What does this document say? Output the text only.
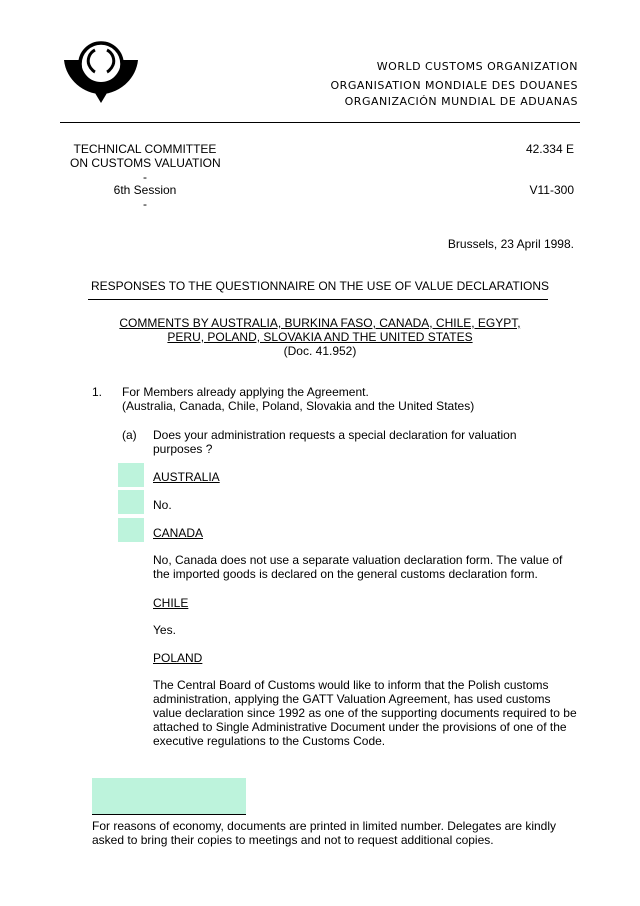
WORLD CUSTOMS ORGANIZATION
ORGANISATION MONDIALE DES DOUANES
ORGANIZACIÓN MUNDIAL DE ADUANAS
TECHNICAL COMMITTEE
ON CUSTOMS VALUATION
-
6th Session
-
42.334 E
V11-300
Brussels, 23 April 1998.
RESPONSES TO THE QUESTIONNAIRE ON THE USE OF VALUE DECLARATIONS
COMMENTS BY AUSTRALIA, BURKINA FASO, CANADA, CHILE, EGYPT,
PERU, POLAND, SLOVAKIA AND THE UNITED STATES
(Doc. 41.952)
1. For Members already applying the Agreement.
(Australia, Canada, Chile, Poland, Slovakia and the United States)
(a) Does your administration requests a special declaration for valuation
purposes ?
AUSTRALIA
No.
CANADA
No, Canada does not use a separate valuation declaration form. The value of
the imported goods is declared on the general customs declaration form.
CHILE
Yes.
POLAND
The Central Board of Customs would like to inform that the Polish customs
administration, applying the GATT Valuation Agreement, has used customs
value declaration since 1992 as one of the supporting documents required to be
attached to Single Administrative Document under the provisions of one of the
executive regulations to the Customs Code.
For reasons of economy, documents are printed in limited number. Delegates are kindly
asked to bring their copies to meetings and not to request additional copies.
